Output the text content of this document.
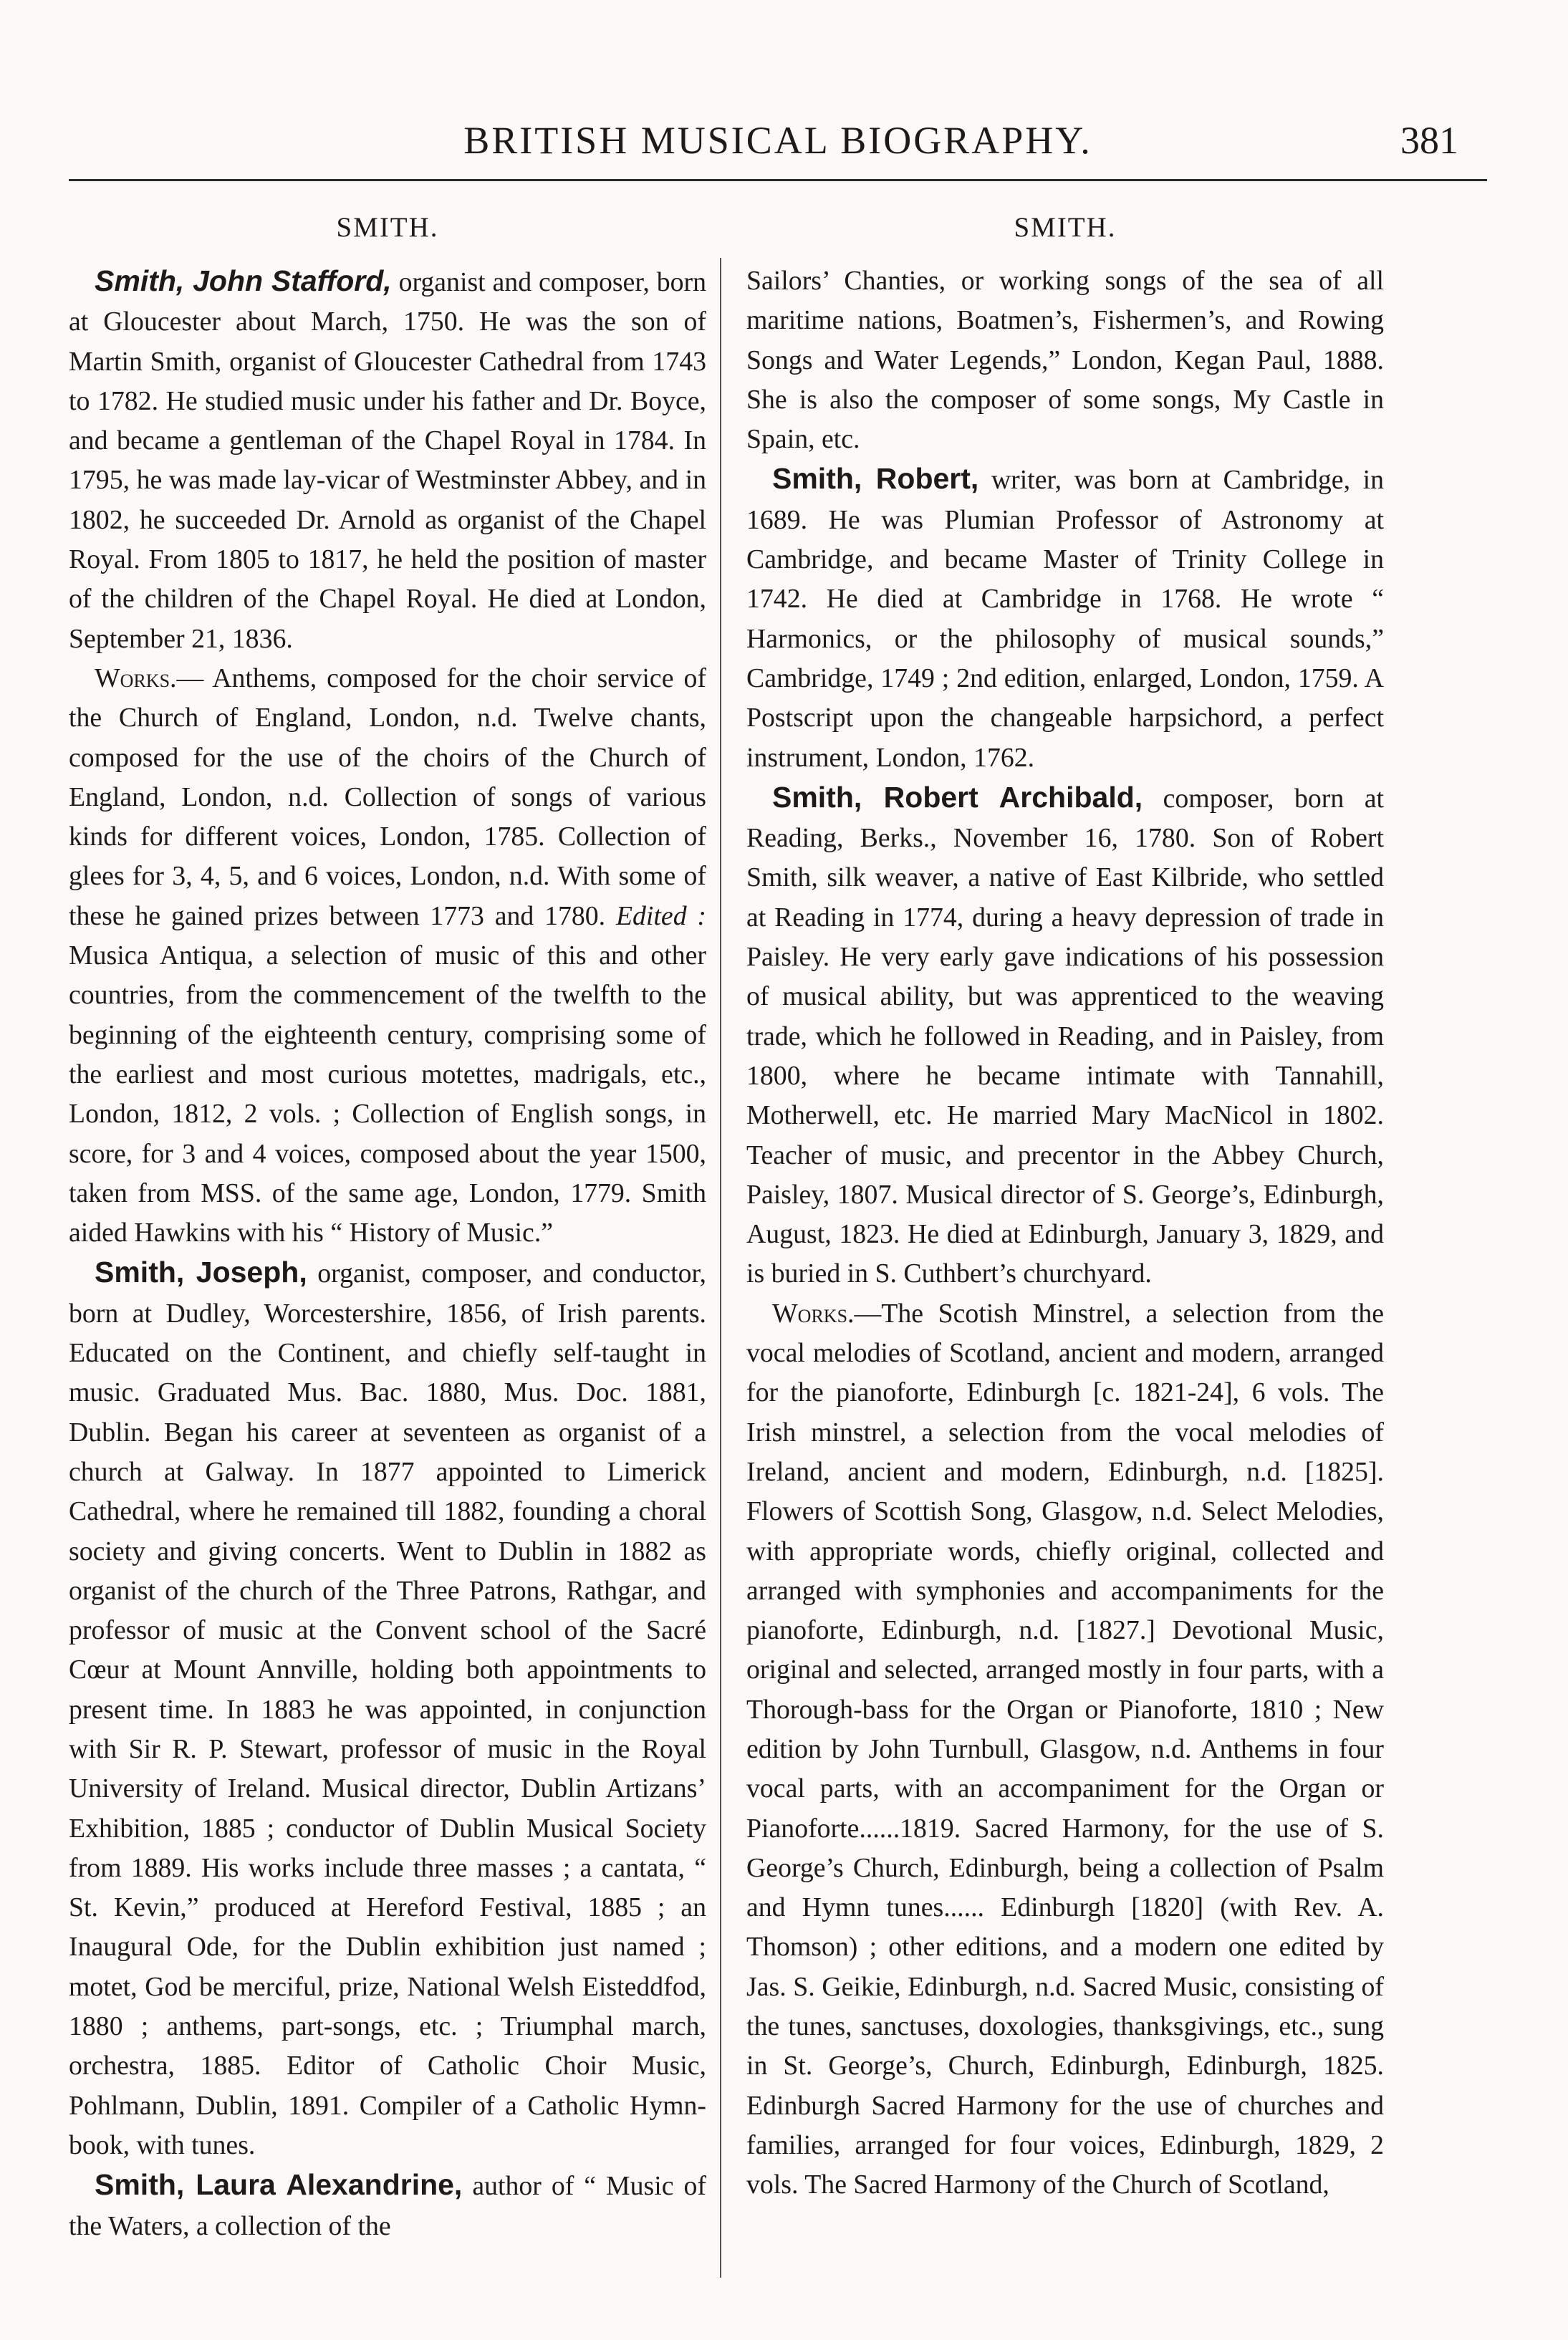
BRITISH MUSICAL BIOGRAPHY.	381
SMITH.

Smith, John Stafford, organist and composer, born at Gloucester about March, 1750. He was the son of Martin Smith, organist of Gloucester Cathedral from 1743 to 1782. He studied music under his father and Dr. Boyce, and became a gentleman of the Chapel Royal in 1784. In 1795, he was made lay-vicar of Westminster Abbey, and in 1802, he succeeded Dr. Arnold as organist of the Chapel Royal. From 1805 to 1817, he held the position of master of the children of the Chapel Royal. He died at London, September 21, 1836.

Works.— Anthems, composed for the choir service of the Church of England, London, n.d. Twelve chants, composed for the use of the choirs of the Church of England, London, n.d. Collection of songs of various kinds for different voices, London, 1785. Collection of glees for 3, 4, 5, and 6 voices, London, n.d. With some of these he gained prizes between 1773 and 1780. Edited : Musica Antiqua, a selection of music of this and other countries, from the commencement of the twelfth to the beginning of the eighteenth century, comprising some of the earliest and most curious motettes, madrigals, etc., London, 1812, 2 vols. ; Collection of English songs, in score, for 3 and 4 voices, composed about the year 1500, taken from MSS. of the same age, London, 1779. Smith aided Hawkins with his “ History of Music.”

Smith, Joseph, organist, composer, and conductor, born at Dudley, Worcestershire, 1856, of Irish parents. Educated on the Continent, and chiefly self-taught in music. Graduated Mus. Bac. 1880, Mus. Doc. 1881, Dublin. Began his career at seventeen as organist of a church at Galway. In 1877 appointed to Limerick Cathedral, where he remained till 1882, founding a choral society and giving concerts. Went to Dublin in 1882 as organist of the church of the Three Patrons, Rathgar, and professor of music at the Convent school of the Sacré Cœur at Mount Annville, holding both appointments to present time. In 1883 he was appointed, in conjunction with Sir R. P. Stewart, professor of music in the Royal University of Ireland. Musical director, Dublin Artizans’ Exhibition, 1885 ; conductor of Dublin Musical Society from 1889. His works include three masses ; a cantata, “ St. Kevin,” produced at Hereford Festival, 1885 ; an Inaugural Ode, for the Dublin exhibition just named ; motet, God be merciful, prize, National Welsh Eisteddfod, 1880 ; anthems, part-songs, etc. ; Triumphal march, orchestra, 1885. Editor of Catholic Choir Music, Pohlmann, Dublin, 1891. Compiler of a Catholic Hymn-book, with tunes.

Smith, Laura Alexandrine, author of “ Music of the Waters, a collection of the

SMITH.

Sailors’ Chanties, or working songs of the sea of all maritime nations, Boatmen’s, Fishermen’s, and Rowing Songs and Water Legends,” London, Kegan Paul, 1888. She is also the composer of some songs, My Castle in Spain, etc.

Smith, Robert, writer, was born at Cambridge, in 1689. He was Plumian Professor of Astronomy at Cambridge, and became Master of Trinity College in 1742. He died at Cambridge in 1768. He wrote “ Harmonics, or the philosophy of musical sounds,” Cambridge, 1749 ; 2nd edition, enlarged, London, 1759. A Postscript upon the changeable harpsichord, a perfect instrument, London, 1762.

Smith, Robert Archibald, composer, born at Reading, Berks., November 16, 1780. Son of Robert Smith, silk weaver, a native of East Kilbride, who settled at Reading in 1774, during a heavy depression of trade in Paisley. He very early gave indications of his possession of musical ability, but was apprenticed to the weaving trade, which he followed in Reading, and in Paisley, from 1800, where he became intimate with Tannahill, Motherwell, etc. He married Mary MacNicol in 1802. Teacher of music, and precentor in the Abbey Church, Paisley, 1807. Musical director of S. George’s, Edinburgh, August, 1823. He died at Edinburgh, January 3, 1829, and is buried in S. Cuthbert’s churchyard.

Works.—The Scotish Minstrel, a selection from the vocal melodies of Scotland, ancient and modern, arranged for the pianoforte, Edinburgh [c. 1821-24], 6 vols. The Irish minstrel, a selection from the vocal melodies of Ireland, ancient and modern, Edinburgh, n.d. [1825]. Flowers of Scottish Song, Glasgow, n.d. Select Melodies, with appropriate words, chiefly original, collected and arranged with symphonies and accompaniments for the pianoforte, Edinburgh, n.d. [1827.] Devotional Music, original and selected, arranged mostly in four parts, with a Thorough-bass for the Organ or Pianoforte, 1810 ; New edition by John Turnbull, Glasgow, n.d. Anthems in four vocal parts, with an accompaniment for the Organ or Pianoforte......1819. Sacred Harmony, for the use of S. George’s Church, Edinburgh, being a collection of Psalm and Hymn tunes...... Edinburgh [1820] (with Rev. A. Thomson) ; other editions, and a modern one edited by Jas. S. Geikie, Edinburgh, n.d. Sacred Music, consisting of the tunes, sanctuses, doxologies, thanksgivings, etc., sung in St. George’s, Church, Edinburgh, Edinburgh, 1825. Edinburgh Sacred Harmony for the use of churches and families, arranged for four voices, Edinburgh, 1829, 2 vols. The Sacred Harmony of the Church of Scotland,
